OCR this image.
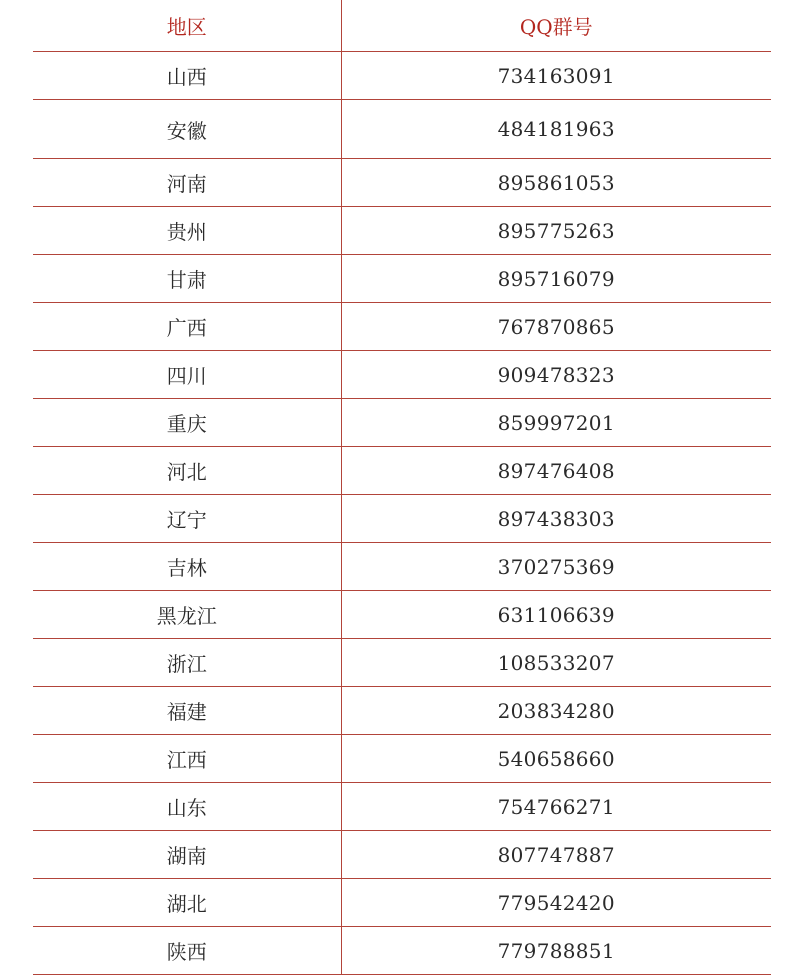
地区	QQ群号
山西	734163091
安徽	484181963
河南	895861053
贵州	895775263
甘肃	895716079
广西	767870865
四川	909478323
重庆	859997201
河北	897476408
辽宁	897438303
吉林	370275369
黑龙江	631106639
浙江	108533207
福建	203834280
江西	540658660
山东	754766271
湖南	807747887
湖北	779542420
陕西	779788851
